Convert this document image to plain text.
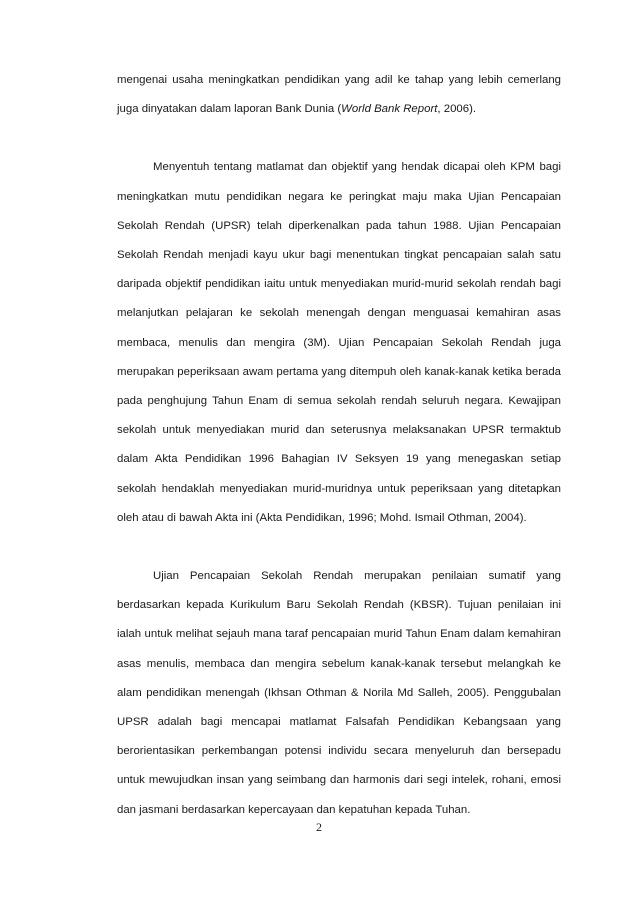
mengenai usaha meningkatkan pendidikan yang adil ke tahap yang lebih cemerlang juga dinyatakan dalam laporan Bank Dunia (World Bank Report, 2006).

Menyentuh tentang matlamat dan objektif yang hendak dicapai oleh KPM bagi meningkatkan mutu pendidikan negara ke peringkat maju maka Ujian Pencapaian Sekolah Rendah (UPSR) telah diperkenalkan pada tahun 1988. Ujian Pencapaian Sekolah Rendah menjadi kayu ukur bagi menentukan tingkat pencapaian salah satu daripada objektif pendidikan iaitu untuk menyediakan murid-murid sekolah rendah bagi melanjutkan pelajaran ke sekolah menengah dengan menguasai kemahiran asas membaca, menulis dan mengira (3M). Ujian Pencapaian Sekolah Rendah juga merupakan peperiksaan awam pertama yang ditempuh oleh kanak-kanak ketika berada pada penghujung Tahun Enam di semua sekolah rendah seluruh negara. Kewajipan sekolah untuk menyediakan murid dan seterusnya melaksanakan UPSR termaktub dalam Akta Pendidikan 1996 Bahagian IV Seksyen 19 yang menegaskan setiap sekolah hendaklah menyediakan murid-muridnya untuk peperiksaan yang ditetapkan oleh atau di bawah Akta ini (Akta Pendidikan, 1996; Mohd. Ismail Othman, 2004).

Ujian Pencapaian Sekolah Rendah merupakan penilaian sumatif yang berdasarkan kepada Kurikulum Baru Sekolah Rendah (KBSR). Tujuan penilaian ini ialah untuk melihat sejauh mana taraf pencapaian murid Tahun Enam dalam kemahiran asas menulis, membaca dan mengira sebelum kanak-kanak tersebut melangkah ke alam pendidikan menengah (Ikhsan Othman & Norila Md Salleh, 2005). Penggubalan UPSR adalah bagi mencapai matlamat Falsafah Pendidikan Kebangsaan yang berorientasikan perkembangan potensi individu secara menyeluruh dan bersepadu untuk mewujudkan insan yang seimbang dan harmonis dari segi intelek, rohani, emosi dan jasmani berdasarkan kepercayaan dan kepatuhan kepada Tuhan.

2
